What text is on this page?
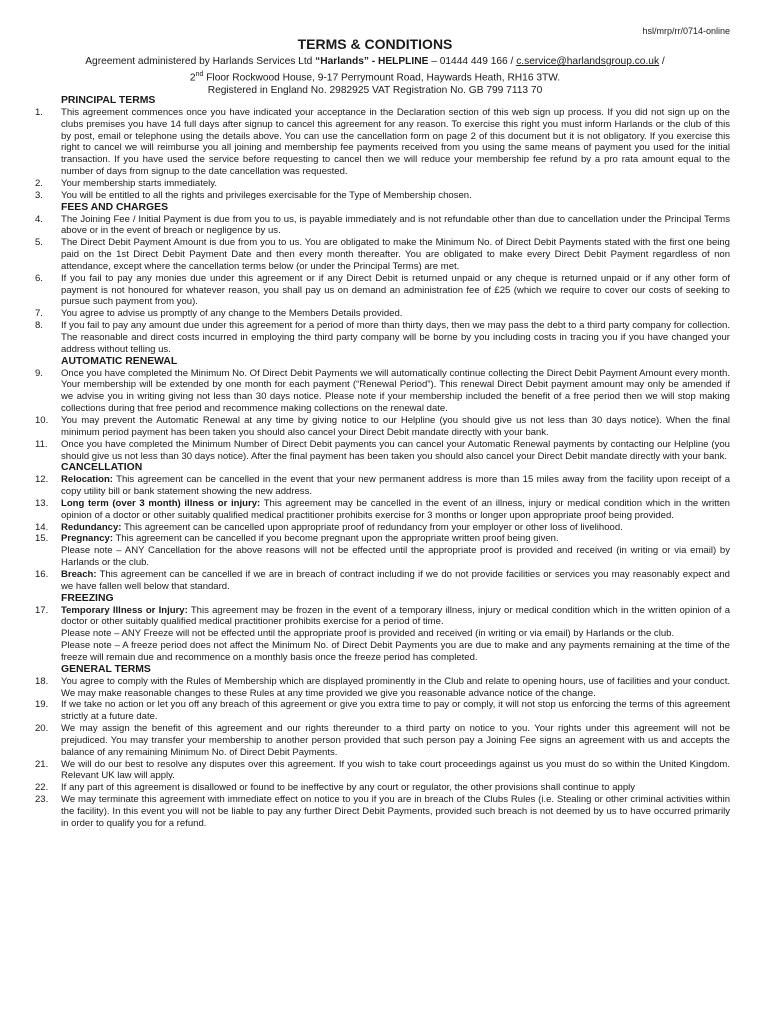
hsl/mrp/rr/0714-online
TERMS & CONDITIONS
Agreement administered by Harlands Services Ltd “Harlands” - HELPLINE – 01444 449 166 / c.service@harlandsgroup.co.uk /
2nd Floor Rockwood House, 9-17 Perrymount Road, Haywards Heath, RH16 3TW.
Registered in England No. 2982925 VAT Registration No. GB 799 7113 70
PRINCIPAL TERMS
1.	This agreement commences once you have indicated your acceptance in the Declaration section of this web sign up process. If you did not sign up on the clubs premises you have 14 full days after signup to cancel this agreement for any reason. To exercise this right you must inform Harlands or the club of this by post, email or telephone using the details above. You can use the cancellation form on page 2 of this document but it is not obligatory. If you exercise this right to cancel we will reimburse you all joining and membership fee payments received from you using the same means of payment you used for the initial transaction. If you have used the service before requesting to cancel then we will reduce your membership fee refund by a pro rata amount equal to the number of days from signup to the date cancellation was requested.
2.	Your membership starts immediately.
3.	You will be entitled to all the rights and privileges exercisable for the Type of Membership chosen.
FEES AND CHARGES
4.	The Joining Fee / Initial Payment is due from you to us, is payable immediately and is not refundable other than due to cancellation under the Principal Terms above or in the event of breach or negligence by us.
5.	The Direct Debit Payment Amount is due from you to us. You are obligated to make the Minimum No. of Direct Debit Payments stated with the first one being paid on the 1st Direct Debit Payment Date and then every month thereafter. You are obligated to make every Direct Debit Payment regardless of non attendance, except where the cancellation terms below (or under the Principal Terms) are met.
6.	If you fail to pay any monies due under this agreement or if any Direct Debit is returned unpaid or any cheque is returned unpaid or if any other form of payment is not honoured for whatever reason, you shall pay us on demand an administration fee of £25 (which we require to cover our costs of seeking to pursue such payment from you).
7.	You agree to advise us promptly of any change to the Members Details provided.
8.	If you fail to pay any amount due under this agreement for a period of more than thirty days, then we may pass the debt to a third party company for collection. The reasonable and direct costs incurred in employing the third party company will be borne by you including costs in tracing you if you have changed your address without telling us.
AUTOMATIC RENEWAL
9.	Once you have completed the Minimum No. Of Direct Debit Payments we will automatically continue collecting the Direct Debit Payment Amount every month. Your membership will be extended by one month for each payment (“Renewal Period”). This renewal Direct Debit payment amount may only be amended if we advise you in writing giving not less than 30 days notice. Please note if your membership included the benefit of a free period then we will stop making collections during that free period and recommence making collections on the renewal date.
10.	You may prevent the Automatic Renewal at any time by giving notice to our Helpline (you should give us not less than 30 days notice). When the final minimum period payment has been taken you should also cancel your Direct Debit mandate directly with your bank.
11.	Once you have completed the Minimum Number of Direct Debit payments you can cancel your Automatic Renewal payments by contacting our Helpline (you should give us not less than 30 days notice). After the final payment has been taken you should also cancel your Direct Debit mandate directly with your bank.
CANCELLATION
12.	Relocation: This agreement can be cancelled in the event that your new permanent address is more than 15 miles away from the facility upon receipt of a copy utility bill or bank statement showing the new address.
13.	Long term (over 3 month) illness or injury: This agreement may be cancelled in the event of an illness, injury or medical condition which in the written opinion of a doctor or other suitably qualified medical practitioner prohibits exercise for 3 months or longer upon appropriate proof being provided.
14.	Redundancy: This agreement can be cancelled upon appropriate proof of redundancy from your employer or other loss of livelihood.
15.	Pregnancy: This agreement can be cancelled if you become pregnant upon the appropriate written proof being given.
Please note – ANY Cancellation for the above reasons will not be effected until the appropriate proof is provided and received (in writing or via email) by Harlands or the club.
16.	Breach: This agreement can be cancelled if we are in breach of contract including if we do not provide facilities or services you may reasonably expect and we have fallen well below that standard.
FREEZING
17.	Temporary Illness or Injury: This agreement may be frozen in the event of a temporary illness, injury or medical condition which in the written opinion of a doctor or other suitably qualified medical practitioner prohibits exercise for a period of time.
Please note – ANY Freeze will not be effected until the appropriate proof is provided and received (in writing or via email) by Harlands or the club.
Please note – A freeze period does not affect the Minimum No. of Direct Debit Payments you are due to make and any payments remaining at the time of the freeze will remain due and recommence on a monthly basis once the freeze period has completed.
GENERAL TERMS
18.	You agree to comply with the Rules of Membership which are displayed prominently in the Club and relate to opening hours, use of facilities and your conduct. We may make reasonable changes to these Rules at any time provided we give you reasonable advance notice of the change.
19.	If we take no action or let you off any breach of this agreement or give you extra time to pay or comply, it will not stop us enforcing the terms of this agreement strictly at a future date.
20.	We may assign the benefit of this agreement and our rights thereunder to a third party on notice to you. Your rights under this agreement will not be prejudiced. You may transfer your membership to another person provided that such person pay a Joining Fee signs an agreement with us and accepts the balance of any remaining Minimum No. of Direct Debit Payments.
21.	We will do our best to resolve any disputes over this agreement. If you wish to take court proceedings against us you must do so within the United Kingdom. Relevant UK law will apply.
22.	If any part of this agreement is disallowed or found to be ineffective by any court or regulator, the other provisions shall continue to apply
23.	We may terminate this agreement with immediate effect on notice to you if you are in breach of the Clubs Rules (i.e. Stealing or other criminal activities within the facility). In this event you will not be liable to pay any further Direct Debit Payments, provided such breach is not deemed by us to have occurred primarily in order to qualify you for a refund.
